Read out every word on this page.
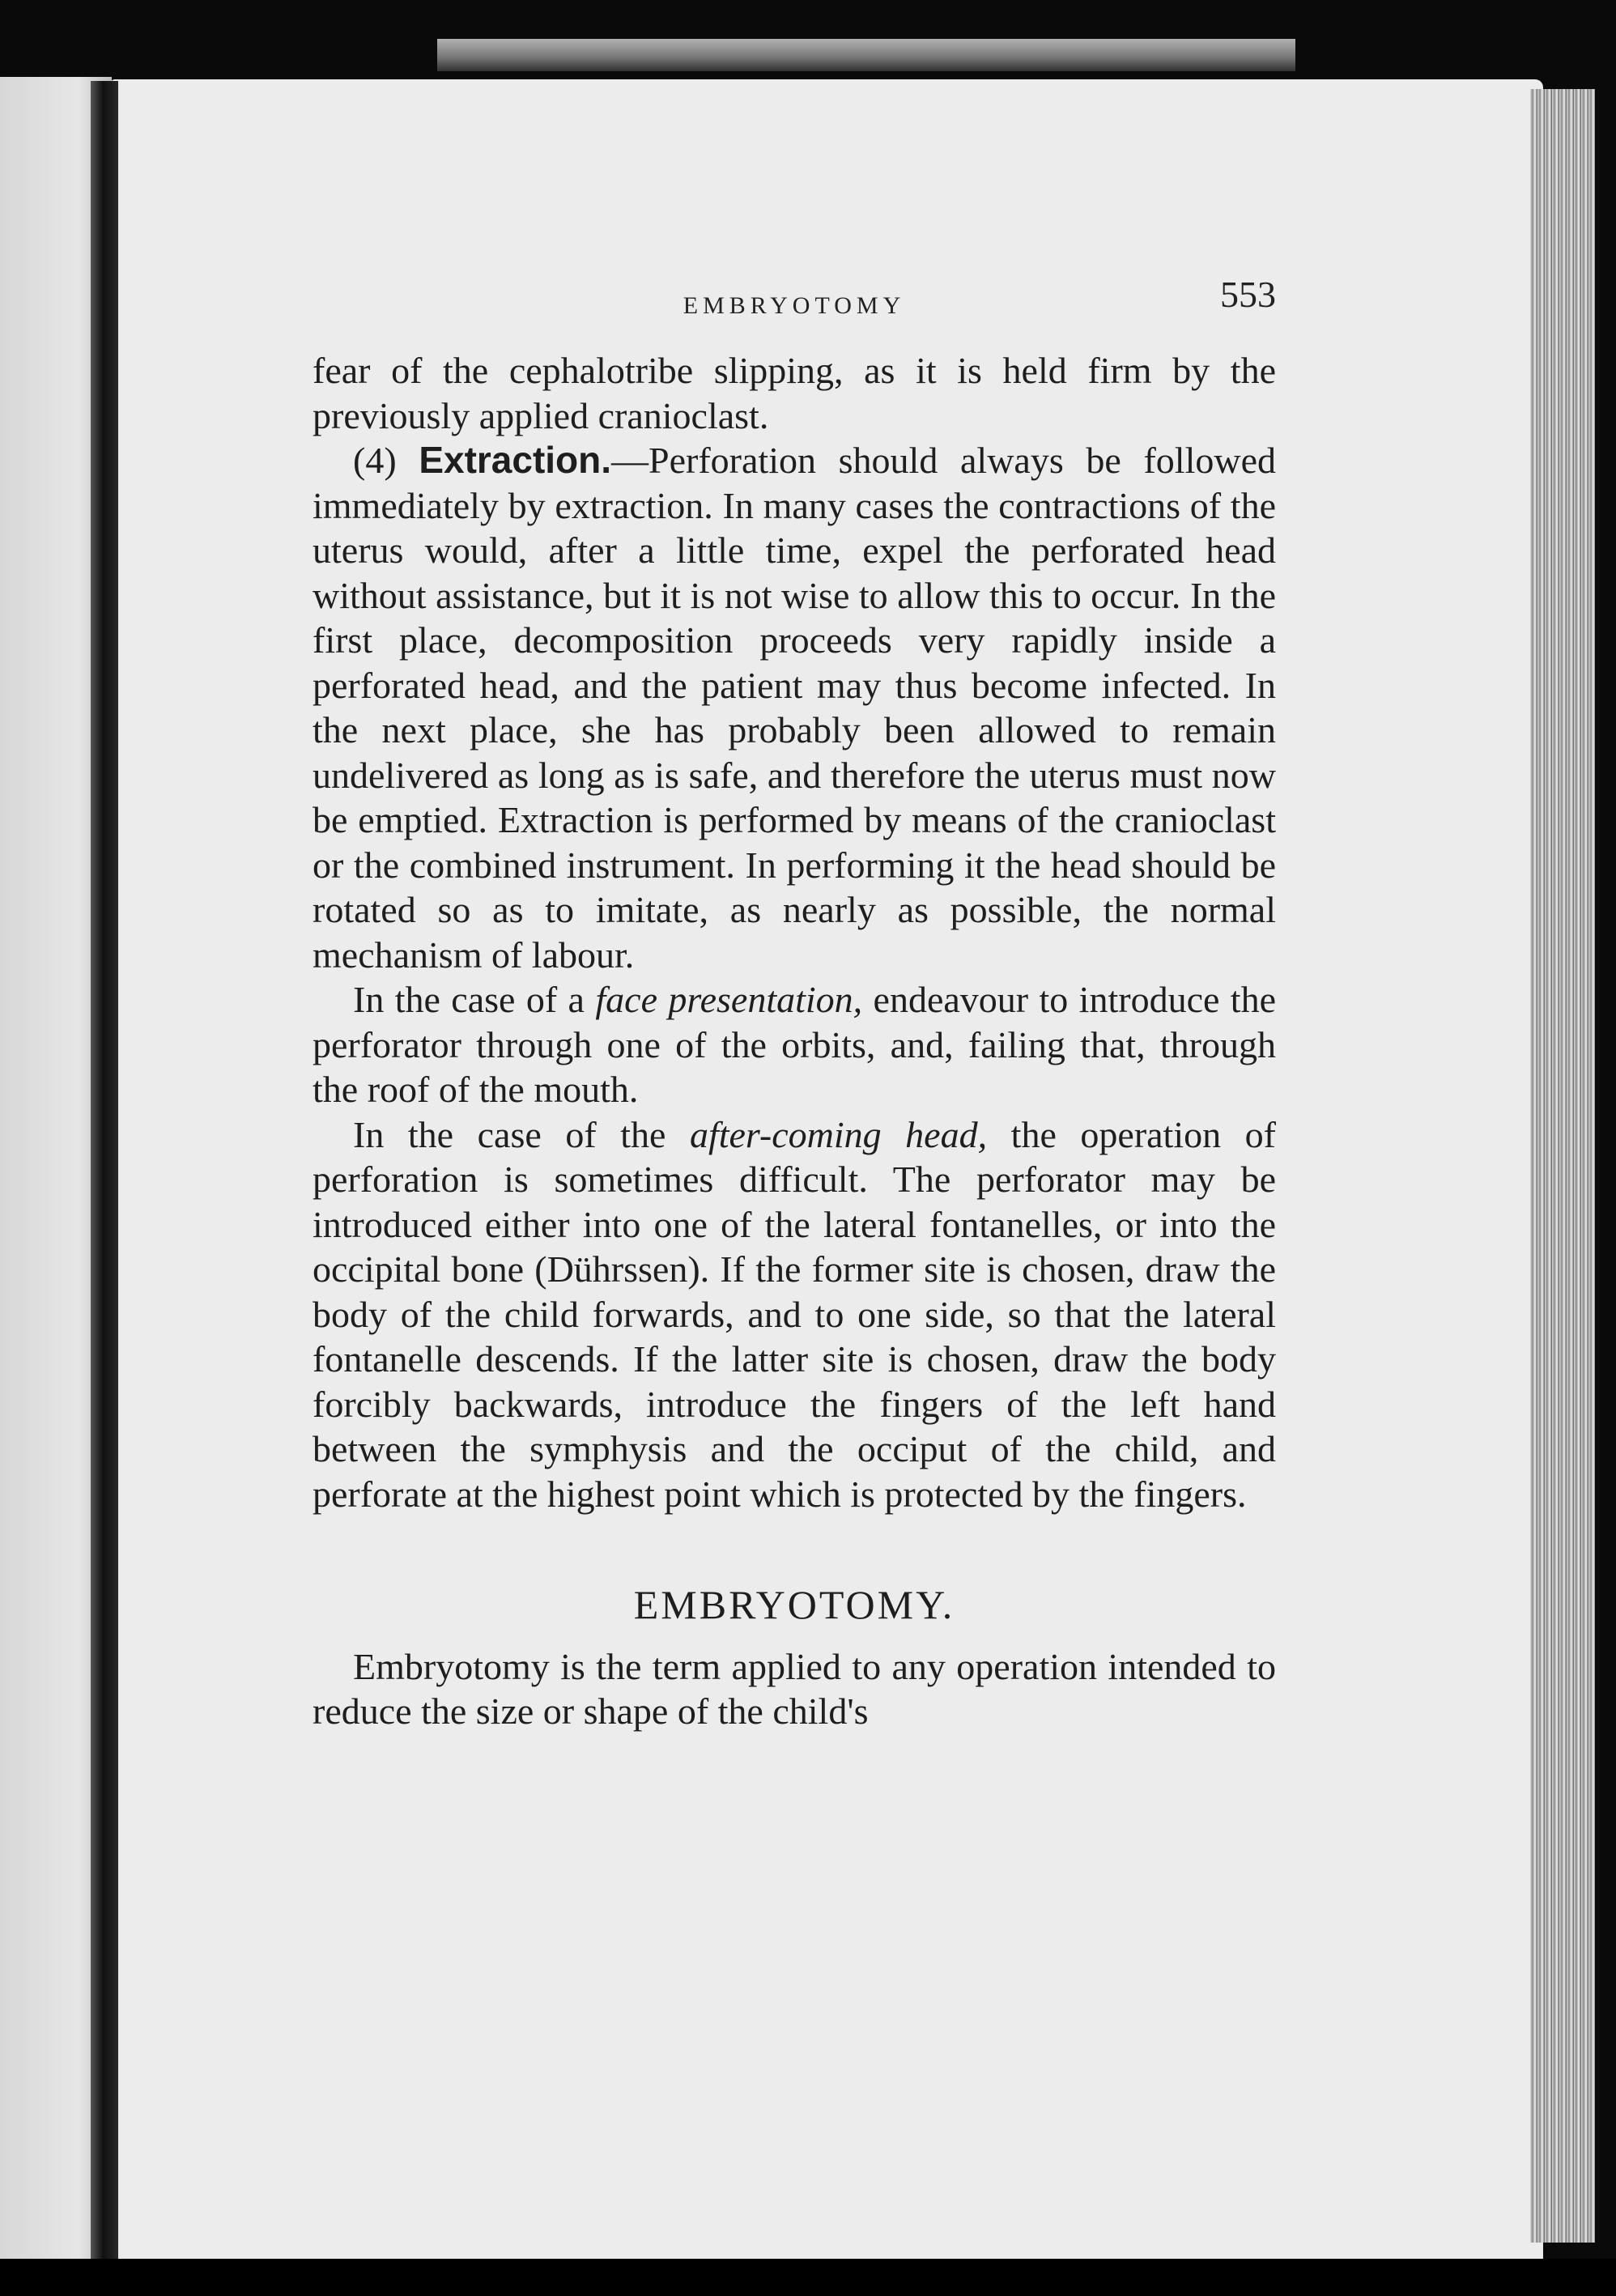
EMBRYOTOMY	553

fear of the cephalotribe slipping, as it is held firm by the previously applied cranioclast.

(4) Extraction.—Perforation should always be followed immediately by extraction. In many cases the contractions of the uterus would, after a little time, expel the perforated head without assistance, but it is not wise to allow this to occur. In the first place, decomposition proceeds very rapidly inside a perforated head, and the patient may thus become infected. In the next place, she has probably been allowed to remain undelivered as long as is safe, and therefore the uterus must now be emptied. Extraction is performed by means of the cranioclast or the combined instrument. In performing it the head should be rotated so as to imitate, as nearly as possible, the normal mechanism of labour.

In the case of a face presentation, endeavour to introduce the perforator through one of the orbits, and, failing that, through the roof of the mouth.

In the case of the after-coming head, the operation of perforation is sometimes difficult. The perforator may be introduced either into one of the lateral fontanelles, or into the occipital bone (Dührssen). If the former site is chosen, draw the body of the child forwards, and to one side, so that the lateral fontanelle descends. If the latter site is chosen, draw the body forcibly backwards, introduce the fingers of the left hand between the symphysis and the occiput of the child, and perforate at the highest point which is protected by the fingers.

EMBRYOTOMY.

Embryotomy is the term applied to any operation intended to reduce the size or shape of the child's
